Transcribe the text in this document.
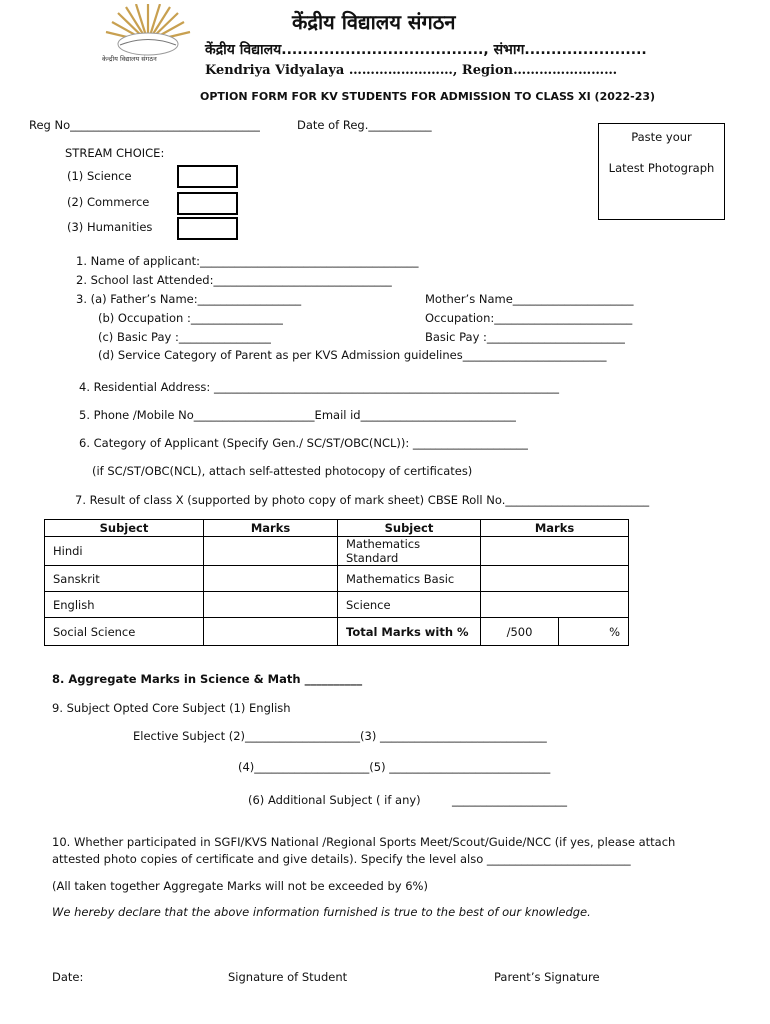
केन्द्रीय विद्यालय संगठन
केंद्रीय विद्यालय संगठन
केंद्रीय विद्यालय......................................, संभाग.......................
Kendriya Vidyalaya ……………………, Region……………………
OPTION FORM FOR KV STUDENTS FOR ADMISSION TO CLASS XI (2022-23)
Reg No_________________________________	Date of Reg.___________
Paste your
Latest Photograph
STREAM CHOICE:
(1) Science
(2) Commerce
(3) Humanities
1. Name of applicant:______________________________________
2. School last Attended:_______________________________
3. (a) Father’s Name:__________________	Mother’s Name_____________________
(b) Occupation :________________	Occupation:________________________
(c) Basic Pay :________________	Basic Pay :________________________
(d) Service Category of Parent as per KVS Admission guidelines_________________________
4. Residential Address: ____________________________________________________________
5. Phone /Mobile No_____________________Email id___________________________
6. Category of Applicant (Specify Gen./ SC/ST/OBC(NCL)): ____________________
(if SC/ST/OBC(NCL), attach self-attested photocopy of certificates)
7. Result of class X (supported by photo copy of mark sheet) CBSE Roll No._________________________
Subject	Marks	Subject	Marks	
Hindi		Mathematics Standard		
Sanskrit		Mathematics Basic		
English		Science		
Social Science		Total Marks with %	/500	%
8. Aggregate Marks in Science & Math __________
9. Subject Opted Core Subject (1) English
Elective Subject (2)____________________(3) _____________________________
(4)____________________(5) ____________________________
(6) Additional Subject ( if any)	____________________
10. Whether participated in SGFI/KVS National /Regional Sports Meet/Scout/Guide/NCC (if yes, please attach
attested photo copies of certificate and give details). Specify the level also _________________________
(All taken together Aggregate Marks will not be exceeded by 6%)
We hereby declare that the above information furnished is true to the best of our knowledge.
Date:	Signature of Student	Parent’s Signature
